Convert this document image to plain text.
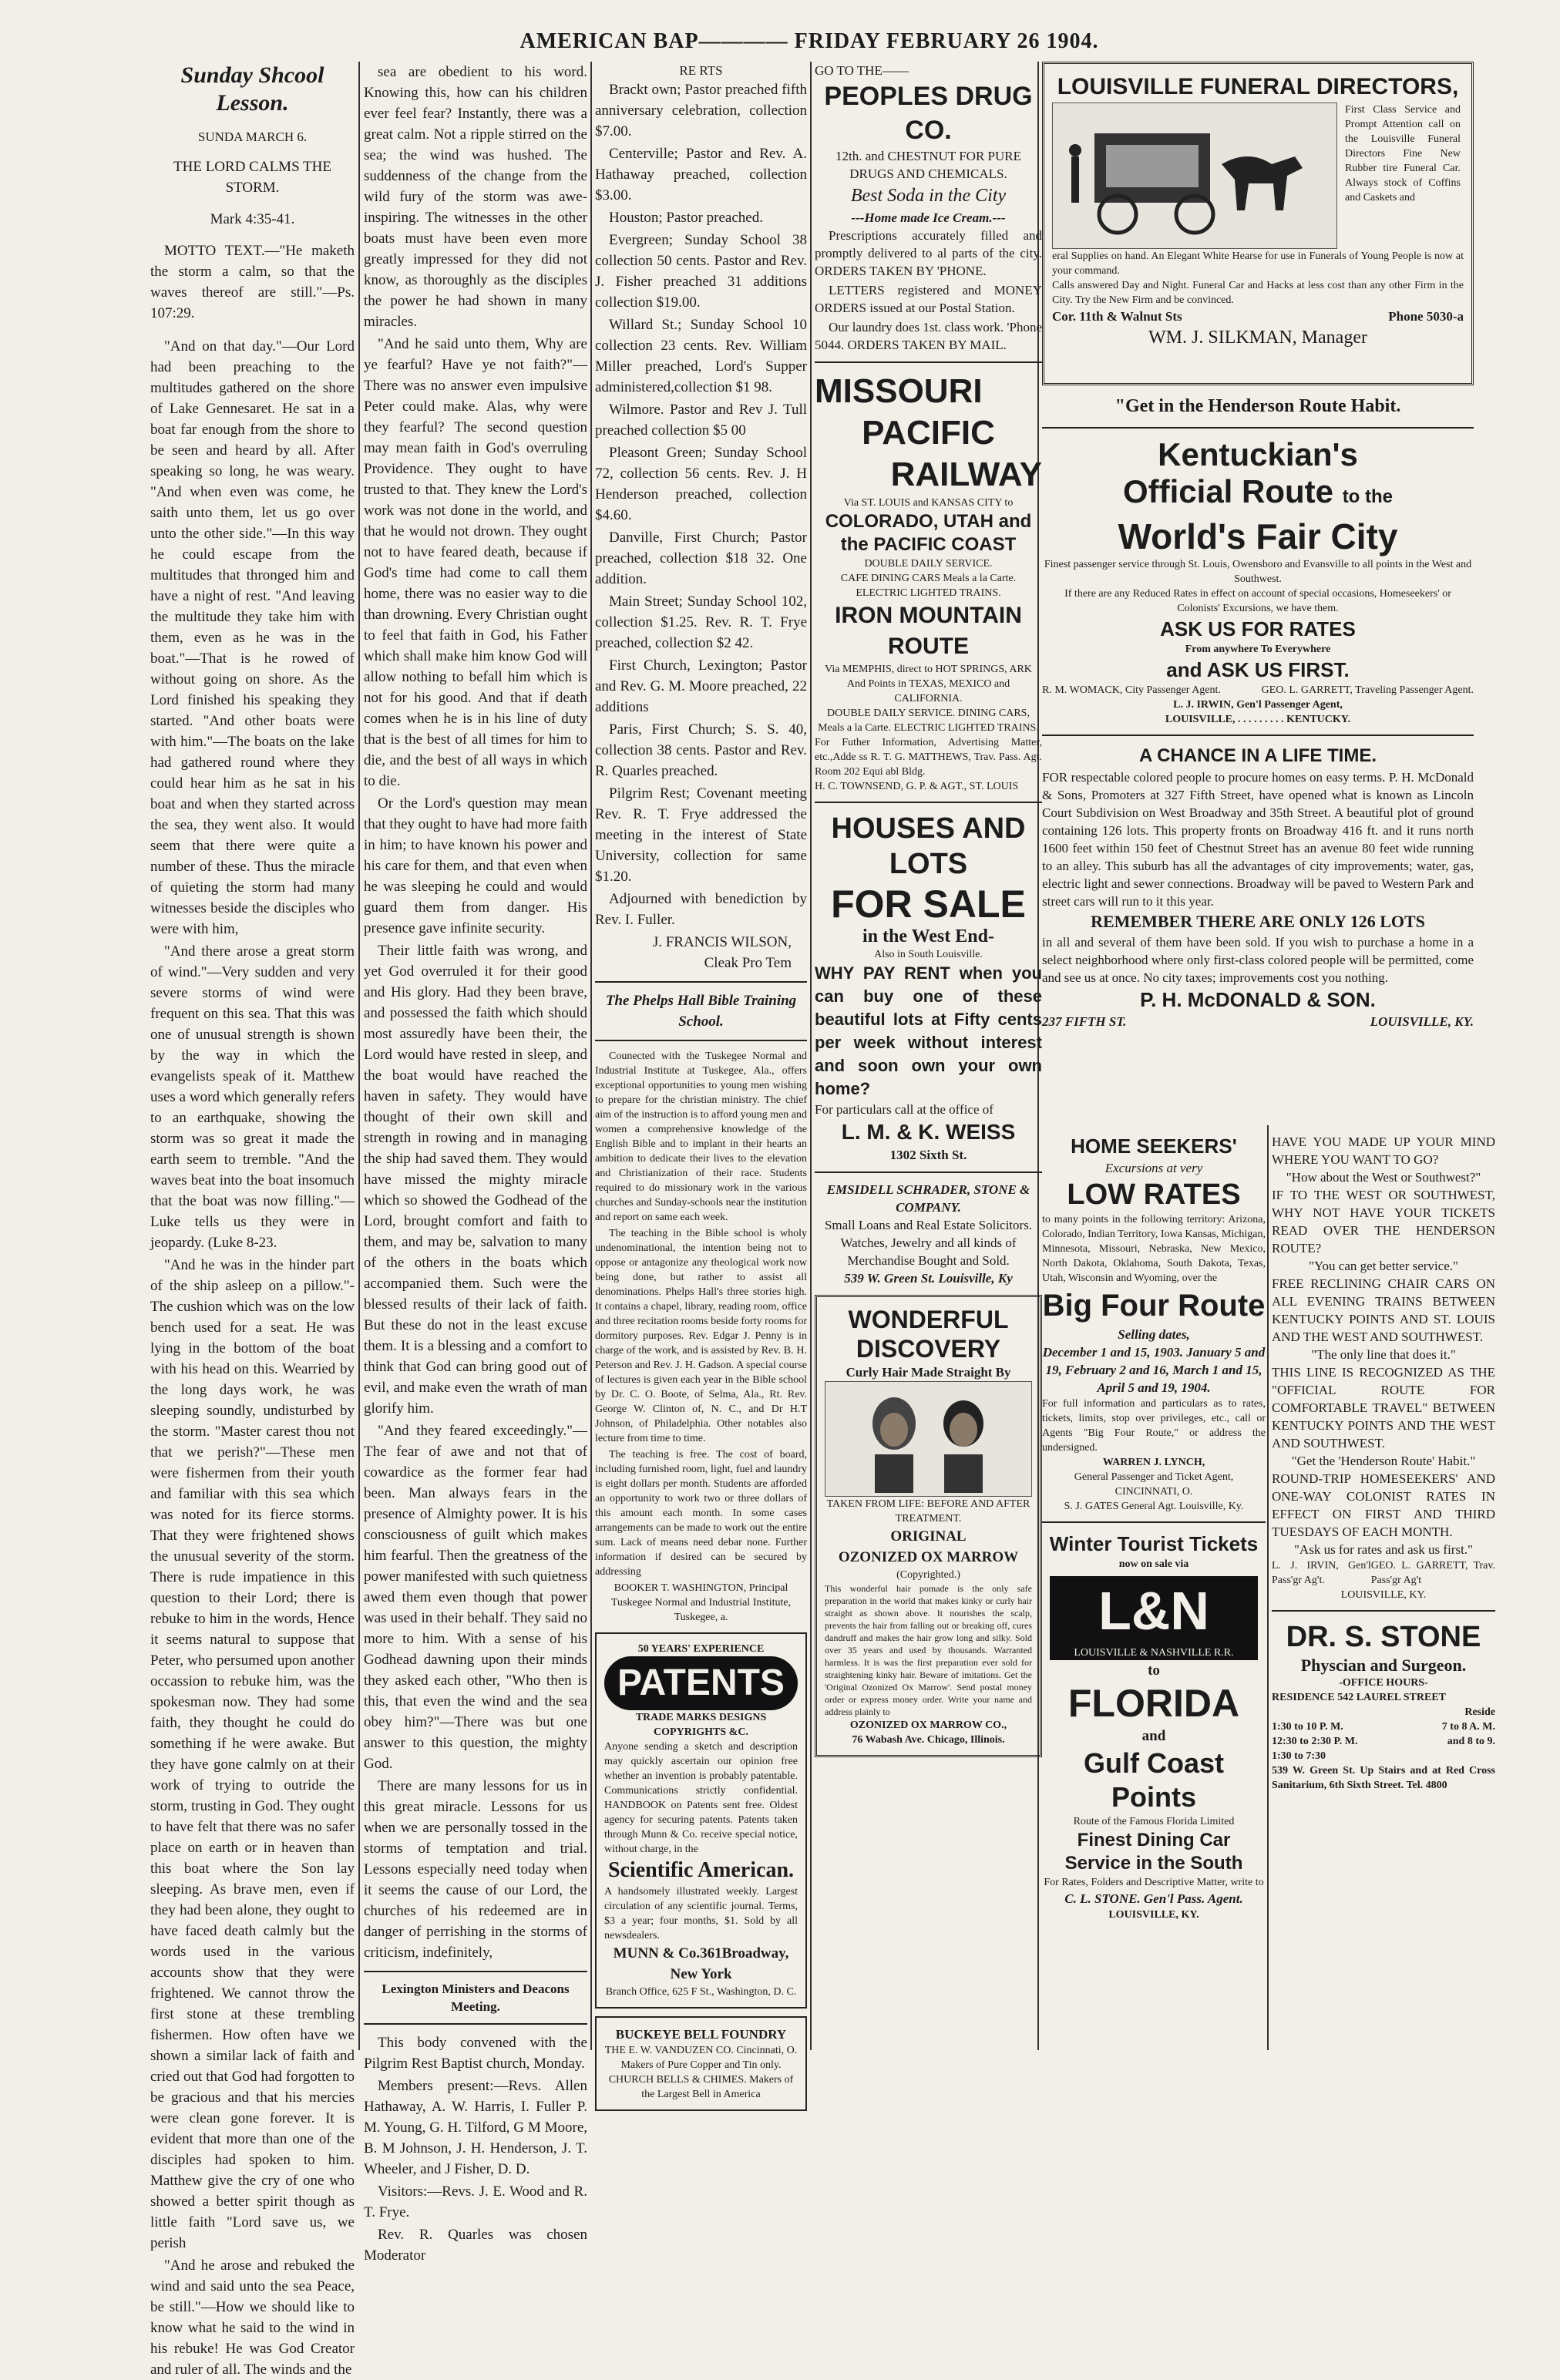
AMERICAN BAP———— FRIDAY FEBRUARY 26 1904.
Sunday Shcool Lesson.
SUNDA MARCH 6.
THE LORD CALMS THE STORM.
Mark 4:35-41.
MOTTO TEXT.—"He maketh the storm a calm, so that the waves thereof are still."—Ps. 107:29.
"And on that day."—Our Lord had been preaching to the multitudes gathered on the shore of Lake Gennesaret. He sat in a boat far enough from the shore to be seen and heard by all. After speaking so long, he was weary. "And when even was come, he saith unto them, let us go over unto the other side."—In this way he could escape from the multitudes that thronged him and have a night of rest. "And leaving the multitude they take him with them, even as he was in the boat."—That is he rowed of without going on shore. As the Lord finished his speaking they started. "And other boats were with him."—The boats on the lake had gathered round where they could hear him as he sat in his boat and when they started across the sea, they went also. It would seem that there were quite a number of these. Thus the miracle of quieting the storm had many witnesses beside the disciples who were with him,
"And there arose a great storm of wind."—Very sudden and very severe storms of wind were frequent on this sea. That this was one of unusual strength is shown by the way in which the evangelists speak of it. Matthew uses a word which generally refers to an earthquake, showing the storm was so great it made the earth seem to tremble. "And the waves beat into the boat insomuch that the boat was now filling."—Luke tells us they were in jeopardy. (Luke 8-23.
"And he was in the hinder part of the ship asleep on a pillow."-The cushion which was on the low bench used for a seat. He was lying in the bottom of the boat with his head on this. Wearried by the long days work, he was sleeping soundly, undisturbed by the storm. "Master carest thou not that we perish?"—These men were fishermen from their youth and familiar with this sea which was noted for its fierce storms. That they were frightened shows the unusual severity of the storm. There is rude impatience in this question to their Lord; there is rebuke to him in the words, Hence it seems natural to suppose that Peter, who persumed upon another occassion to rebuke him, was the spokesman now. They had some faith, they thought he could do something if he were awake. But they have gone calmly on at their work of trying to outride the storm, trusting in God. They ought to have felt that there was no safer place on earth or in heaven than this boat where the Son lay sleeping. As brave men, even if they had been alone, they ought to have faced death calmly but the words used in the various accounts show that they were frightened. We cannot throw the first stone at these trembling fishermen. How often have we shown a similar lack of faith and cried out that God had forgotten to be gracious and that his mercies were clean gone forever. It is evident that more than one of the disciples had spoken to him. Matthew give the cry of one who showed a better spirit though as little faith "Lord save us, we perish
"And he arose and rebuked the wind and said unto the sea Peace, be still."—How we should like to know what he said to the wind in his rebuke! He was God Creator and ruler of all. The winds and the
sea are obedient to his word. Knowing this, how can his children ever feel fear? Instantly, there was a great calm. Not a ripple stirred on the sea; the wind was hushed. The suddenness of the change from the wild fury of the storm was awe-inspiring. The witnesses in the other boats must have been even more greatly impressed for they did not know, as thoroughly as the disciples the power he had shown in many miracles.
"And he said unto them, Why are ye fearful? Have ye not faith?"—There was no answer even impulsive Peter could make. Alas, why were they fearful? The second question may mean faith in God's overruling Providence. They ought to have trusted to that. They knew the Lord's work was not done in the world, and that he would not drown. They ought not to have feared death, because if God's time had come to call them home, there was no easier way to die than drowning. Every Christian ought to feel that faith in God, his Father which shall make him know God will allow nothing to befall him which is not for his good. And that if death comes when he is in his line of duty that is the best of all times for him to die, and the best of all ways in which to die.
Or the Lord's question may mean that they ought to have had more faith in him; to have known his power and his care for them, and that even when he was sleeping he could and would guard them from danger. His presence gave infinite security.
Their little faith was wrong, and yet God overruled it for their good and His glory. Had they been brave, and possessed the faith which should most assuredly have been their, the Lord would have rested in sleep, and the boat would have reached the haven in safety. They would have thought of their own skill and strength in rowing and in managing the ship had saved them. They would have missed the mighty miracle which so showed the Godhead of the Lord, brought comfort and faith to them, and may be, salvation to many of the others in the boats which accompanied them. Such were the blessed results of their lack of faith. But these do not in the least excuse them. It is a blessing and a comfort to think that God can bring good out of evil, and make even the wrath of man glorify him.
"And they feared exceedingly."—The fear of awe and not that of cowardice as the former fear had been. Man always fears in the presence of Almighty power. It is his consciousness of guilt which makes him fearful. Then the greatness of the power manifested with such quietness awed them even though that power was used in their behalf. They said no more to him. With a sense of his Godhead dawning upon their minds they asked each other, "Who then is this, that even the wind and the sea obey him?"—There was but one answer to this question, the mighty God.
There are many lessons for us in this great miracle. Lessons for us when we are personally tossed in the storms of temptation and trial. Lessons especially need today when it seems the cause of our Lord, the churches of his redeemed are in danger of perrishing in the storms of criticism, indefinitely,
Lexington Ministers and Deacons Meeting.
This body convened with the Pilgrim Rest Baptist church, Monday.
Members present:—Revs. Allen Hathaway, A. W. Harris, I. Fuller P. M. Young, G. H. Tilford, G M Moore, B. M Johnson, J. H. Henderson, J. T. Wheeler, and J Fisher, D. D.
Visitors:—Revs. J. E. Wood and R. T. Frye.
Rev. R. Quarles was chosen Moderator
RE RTS
Brackt own; Pastor preached fifth anniversary celebration, collection $7.00.
Centerville; Pastor and Rev. A. Hathaway preached, collection $3.00.
Houston; Pastor preached.
Evergreen; Sunday School 38 collection 50 cents. Pastor and Rev. J. Fisher preached 31 additions collection $19.00.
Willard St.; Sunday School 10 collection 23 cents. Rev. William Miller preached, Lord's Supper administered,collection $1 98.
Wilmore. Pastor and Rev J. Tull preached collection $5 00
Pleasont Green; Sunday School 72, collection 56 cents. Rev. J. H Henderson preached, collection $4.60.
Danville, First Church; Pastor preached, collection $18 32. One addition.
Main Street; Sunday School 102, collection $1.25. Rev. R. T. Frye preached, collection $2 42.
First Church, Lexington; Pastor and Rev. G. M. Moore preached, 22 additions
Paris, First Church; S. S. 40, collection 38 cents. Pastor and Rev. R. Quarles preached.
Pilgrim Rest; Covenant meeting Rev. R. T. Frye addressed the meeting in the interest of State University, collection for same $1.20.
Adjourned with benediction by Rev. I. Fuller.
J. FRANCIS WILSON,
Cleak Pro Tem
The Phelps Hall Bible Training School.
Counected with the Tuskegee Normal and Industrial Institute at Tuskegee, Ala., offers exceptional opportunities to young men wishing to prepare for the christian ministry. The chief aim of the instruction is to afford young men and women a comprehensive knowledge of the English Bible and to implant in their hearts an ambition to dedicate their lives to the elevation and Christianization of their race. Students required to do missionary work in the various churches and Sunday-schools near the institution and report on same each week.
The teaching in the Bible school is wholy undenominational, the intention being not to oppose or antagonize any theological work now being done, but rather to assist all denominations. Phelps Hall's three stories high. It contains a chapel, library, reading room, office and three recitation rooms beside forty rooms for dormitory purposes. Rev. Edgar J. Penny is in charge of the work, and is assisted by Rev. B. H. Peterson and Rev. J. H. Gadson. A special course of lectures is given each year in the Bible school by Dr. C. O. Boote, of Selma, Ala., Rt. Rev. George W. Clinton of, N. C., and Dr H.T Johnson, of Philadelphia. Other notables also lecture from time to time.
The teaching is free. The cost of board, including furnished room, light, fuel and laundry is eight dollars per month. Students are afforded an opportunity to work two or three dollars of this amount each month. In some cases arrangements can be made to work out the entire sum. Lack of means need debar none. Further information if desired can be secured by addressing
BOOKER T. WASHINGTON, Principal Tuskegee Normal and Industrial Institute, Tuskegee, a.
50 YEARS' EXPERIENCE
PATENTS
TRADE MARKS DESIGNS COPYRIGHTS &C.
Anyone sending a sketch and description may quickly ascertain our opinion free whether an invention is probably patentable. Communications strictly confidential. HANDBOOK on Patents sent free. Oldest agency for securing patents. Patents taken through Munn & Co. receive special notice, without charge, in the
Scientific American.
A handsomely illustrated weekly. Largest circulation of any scientific journal. Terms, $3 a year; four months, $1. Sold by all newsdealers.
MUNN & Co.361Broadway, New York
Branch Office, 625 F St., Washington, D. C.
BUCKEYE BELL FOUNDRY
THE E. W. VANDUZEN CO. Cincinnati, O. Makers of Pure Copper and Tin only. CHURCH BELLS & CHIMES. Makers of the Largest Bell in America
GO TO THE——
PEOPLES DRUG CO.
12th. and CHESTNUT FOR PURE DRUGS AND CHEMICALS.
Best Soda in the City
---Home made Ice Cream.---
Prescriptions accurately filled and promptly delivered to al parts of the city. ORDERS TAKEN BY 'PHONE.
LETTERS registered and MONEY ORDERS issued at our Postal Station.
Our laundry does 1st. class work. 'Phone 5044. ORDERS TAKEN BY MAIL.
MISSOURI
PACIFIC
RAILWAY
Via ST. LOUIS and KANSAS CITY to
COLORADO, UTAH and the PACIFIC COAST
DOUBLE DAILY SERVICE.
CAFE DINING CARS Meals a la Carte. ELECTRIC LIGHTED TRAINS.
IRON MOUNTAIN ROUTE
Via MEMPHIS, direct to HOT SPRINGS, ARK And Points in TEXAS, MEXICO and CALIFORNIA.
DOUBLE DAILY SERVICE. DINING CARS, Meals a la Carte. ELECTRIC LIGHTED TRAINS.
For Futher Information, Advertising Matter, etc.,Adde ss R. T. G. MATTHEWS, Trav. Pass. Agt. Room 202 Equi abl Bldg.
H. C. TOWNSEND, G. P. & AGT., ST. LOUIS
HOUSES AND LOTS
FOR SALE
in the West End-
Also in South Louisville.
WHY PAY RENT when you can buy one of these beautiful lots at Fifty cents per week without interest and soon own your own home?
For particulars call at the office of
L. M. & K. WEISS
1302 Sixth St.
EMSIDELL SCHRADER, STONE & COMPANY.
Small Loans and Real Estate Solicitors. Watches, Jewelry and all kinds of Merchandise Bought and Sold.
539 W. Green St. Louisville, Ky
WONDERFUL DISCOVERY
Curly Hair Made Straight By
TAKEN FROM LIFE: BEFORE AND AFTER TREATMENT.
ORIGINAL
OZONIZED OX MARROW
(Copyrighted.)
This wonderful hair pomade is the only safe preparation in the world that makes kinky or curly hair straight as shown above. It nourishes the scalp, prevents the hair from falling out or breaking off, cures dandruff and makes the hair grow long and silky. Sold over 35 years and used by thousands. Warranted harmless. It is was the first preparation ever sold for straightening kinky hair. Beware of imitations. Get the 'Original Ozonized Ox Marrow'. Send postal money order or express money order. Write your name and address plainly to
OZONIZED OX MARROW CO.,
76 Wabash Ave. Chicago, Illinois.
LOUISVILLE FUNERAL DIRECTORS,
First Class Service and Prompt Attention call on the Louisville Funeral Directors Fine New Rubber tire Funeral Car. Always stock of Coffins and Caskets and
eral Supplies on hand. An Elegant White Hearse for use in Funerals of Young People is now at your command.
Calls answered Day and Night. Funeral Car and Hacks at less cost than any other Firm in the City. Try the New Firm and be convinced.
Cor. 11th & Walnut Sts	Phone 5030-a
WM. J. SILKMAN, Manager
"Get in the Henderson Route Habit.
Kentuckian's
Official Route to the
World's Fair City
Finest passenger service through St. Louis, Owensboro and Evansville to all points in the West and Southwest.
If there are any Reduced Rates in effect on account of special occasions, Homeseekers' or Colonists' Excursions, we have them.
ASK US FOR RATES
From anywhere To Everywhere
and ASK US FIRST.
R. M. WOMACK, City Passenger Agent.	GEO. L. GARRETT, Traveling Passenger Agent.
L. J. IRWIN, Gen'l Passenger Agent,
LOUISVILLE, . . . . . . . . . KENTUCKY.
A CHANCE IN A LIFE TIME.
FOR respectable colored people to procure homes on easy terms. P. H. McDonald & Sons, Promoters at 327 Fifth Street, have opened what is known as Lincoln Court Subdivision on West Broadway and 35th Street. A beautiful plot of ground containing 126 lots. This property fronts on Broadway 416 ft. and it runs north 1600 feet within 150 feet of Chestnut Street has an avenue 80 feet wide running to an alley. This suburb has all the advantages of city improvements; water, gas, electric light and sewer connections. Broadway will be paved to Western Park and street cars will run to it this year.
REMEMBER THERE ARE ONLY 126 LOTS
in all and several of them have been sold. If you wish to purchase a home in a select neighborhood where only first-class colored people will be permitted, come and see us at once. No city taxes; improvements cost you nothing.
P. H. McDONALD & SON.
237 FIFTH ST.	LOUISVILLE, KY.
HOME SEEKERS'
Excursions at very
LOW RATES
to many points in the following territory: Arizona, Colorado, Indian Territory, Iowa Kansas, Michigan, Minnesota, Missouri, Nebraska, New Mexico, North Dakota, Oklahoma, South Dakota, Texas, Utah, Wisconsin and Wyoming, over the
Big Four Route
Selling dates,
December 1 and 15, 1903. January 5 and 19, February 2 and 16, March 1 and 15, April 5 and 19, 1904.
For full information and particulars as to rates, tickets, limits, stop over privileges, etc., call or Agents "Big Four Route," or address the undersigned.
WARREN J. LYNCH,
General Passenger and Ticket Agent, CINCINNATI, O.
S. J. GATES General Agt. Louisville, Ky.
Winter Tourist Tickets
now on sale via
L&N
LOUISVILLE & NASHVILLE R.R.
to
FLORIDA
and
Gulf Coast Points
Route of the Famous Florida Limited
Finest Dining Car Service in the South
For Rates, Folders and Descriptive Matter, write to
C. L. STONE. Gen'l Pass. Agent.
LOUISVILLE, KY.
HAVE YOU MADE UP YOUR MIND WHERE YOU WANT TO GO?
"How about the West or Southwest?"
IF TO THE WEST OR SOUTHWEST, WHY NOT HAVE YOUR TICKETS READ OVER THE HENDERSON ROUTE?
"You can get better service."
FREE RECLINING CHAIR CARS ON ALL EVENING TRAINS BETWEEN KENTUCKY POINTS AND ST. LOUIS AND THE WEST AND SOUTHWEST.
"The only line that does it."
THIS LINE IS RECOGNIZED AS THE "OFFICIAL ROUTE FOR COMFORTABLE TRAVEL" BETWEEN KENTUCKY POINTS AND THE WEST AND SOUTHWEST.
"Get the 'Henderson Route' Habit."
ROUND-TRIP HOMESEEKERS' AND ONE-WAY COLONIST RATES IN EFFECT ON FIRST AND THIRD TUESDAYS OF EACH MONTH.
"Ask us for rates and ask us first."
L. J. IRVIN, Gen'l Pass'gr Ag't.
GEO. L. GARRETT, Trav. Pass'gr Ag't
LOUISVILLE, KY.
DR. S. STONE
Physcian and Surgeon.
-OFFICE HOURS-
RESIDENCE 542 LAUREL STREET
Reside
1:30 to 10 P. M.	7 to 8 A. M.
12:30 to 2:30 P. M.	and 8 to 9.
1:30 to 7:30
539 W. Green St. Up Stairs and at Red Cross Sanitarium, 6th Sixth Street. Tel. 4800
